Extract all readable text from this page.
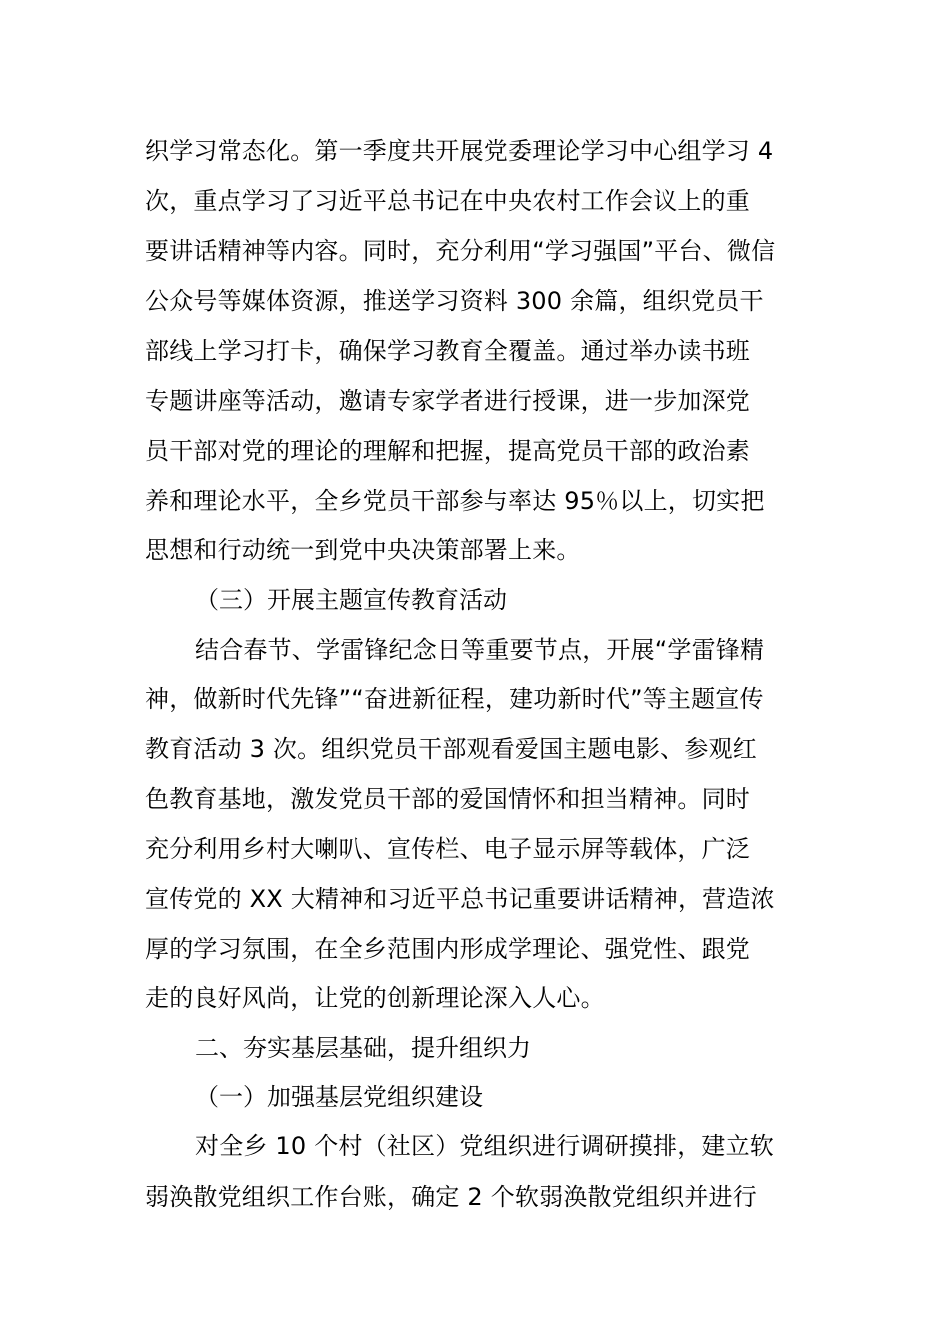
织学习常态化。第一季度共开展党委理论学习中心组学习 4
次，重点学习了习近平总书记在中央农村工作会议上的重
要讲话精神等内容。同时，充分利用“学习强国”平台、微信
公众号等媒体资源，推送学习资料 300 余篇，组织党员干
部线上学习打卡，确保学习教育全覆盖。通过举办读书班
专题讲座等活动，邀请专家学者进行授课，进一步加深党
员干部对党的理论的理解和把握，提高党员干部的政治素
养和理论水平，全乡党员干部参与率达 95％以上，切实把
思想和行动统一到党中央决策部署上来。
（三）开展主题宣传教育活动
结合春节、学雷锋纪念日等重要节点，开展“学雷锋精
神，做新时代先锋”“奋进新征程，建功新时代”等主题宣传
教育活动 3 次。组织党员干部观看爱国主题电影、参观红
色教育基地，激发党员干部的爱国情怀和担当精神。同时
充分利用乡村大喇叭、宣传栏、电子显示屏等载体，广泛
宣传党的 XX 大精神和习近平总书记重要讲话精神，营造浓
厚的学习氛围，在全乡范围内形成学理论、强党性、跟党
走的良好风尚，让党的创新理论深入人心。
二、夯实基层基础，提升组织力
（一）加强基层党组织建设
对全乡 10 个村（社区）党组织进行调研摸排，建立软
弱涣散党组织工作台账，确定 2 个软弱涣散党组织并进行
